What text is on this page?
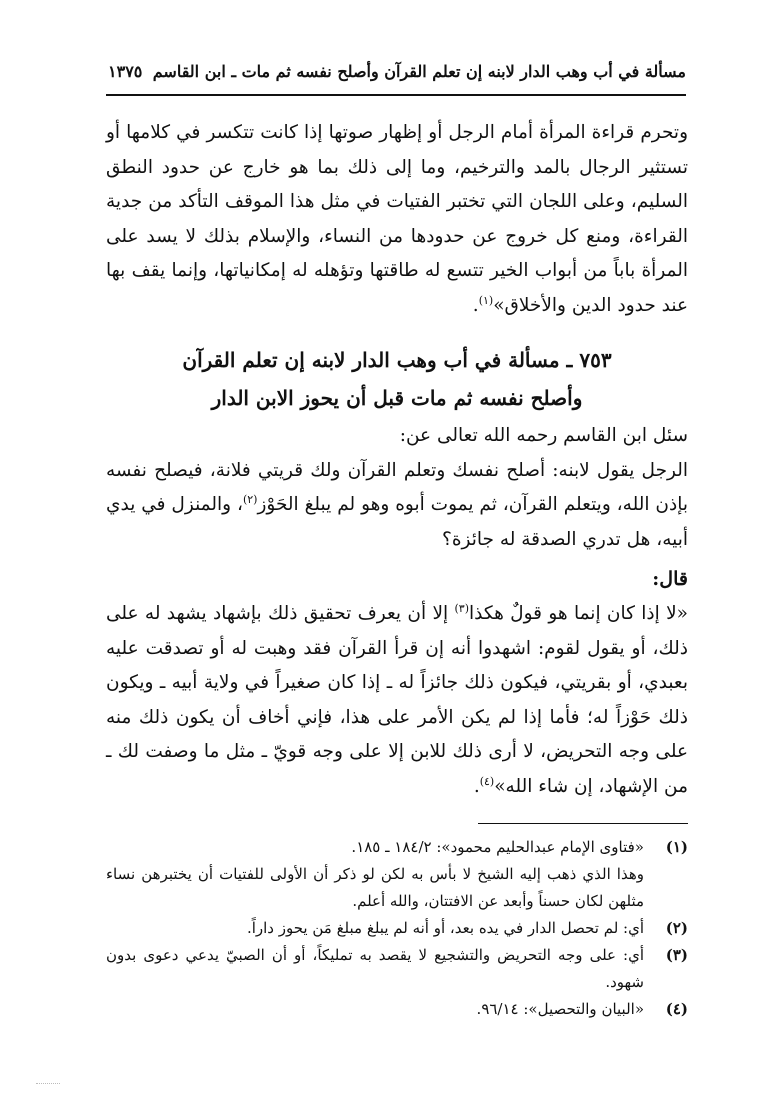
مسألة في أب وهب الدار لابنه إن تعلم القرآن وأصلح نفسه ثم مات ـ ابن القاسم
١٣٧٥

وتحرم قراءة المرأة أمام الرجل أو إظهار صوتها إذا كانت تتكسر في كلامها أو تستثير الرجال بالمد والترخيم، وما إلى ذلك بما هو خارج عن حدود النطق السليم، وعلى اللجان التي تختبر الفتيات في مثل هذا الموقف التأكد من جدية القراءة، ومنع كل خروج عن حدودها من النساء، والإسلام بذلك لا يسد على المرأة باباً من أبواب الخير تتسع له طاقتها وتؤهله له إمكانياتها، وإنما يقف بها عند حدود الدين والأخلاق»$^{(١)}$.

٧٥٣ ـ مسألة في أب وهب الدار لابنه إن تعلم القرآن
وأصلح نفسه ثم مات قبل أن يحوز الابن الدار

سئل ابن القاسم رحمه الله تعالى عن:

الرجل يقول لابنه: أصلح نفسك وتعلم القرآن ولك قريتي فلانة، فيصلح نفسه بإذن الله، ويتعلم القرآن، ثم يموت أبوه وهو لم يبلغ الحَوْز$^{(٢)}$، والمنزل في يدي أبيه، هل تدري الصدقة له جائزة؟

قال:

«لا إذا كان إنما هو قولٌ هكذا$^{(٣)}$ إلا أن يعرف تحقيق ذلك بإشهاد يشهد له على ذلك، أو يقول لقوم: اشهدوا أنه إن قرأ القرآن فقد وهبت له أو تصدقت عليه بعبدي، أو بقريتي، فيكون ذلك جائزاً له ـ إذا كان صغيراً في ولاية أبيه ـ ويكون ذلك حَوْزاً له؛ فأما إذا لم يكن الأمر على هذا، فإني أخاف أن يكون ذلك منه على وجه التحريض، لا أرى ذلك للابن إلا على وجه قويّ ـ مثل ما وصفت لك ـ من الإشهاد، إن شاء الله»$^{(٤)}$.

(١)
«فتاوى الإمام عبدالحليم محمود»: ١٨٤/٢ ـ ١٨٥.
وهذا الذي ذهب إليه الشيخ لا بأس به لكن لو ذكر أن الأولى للفتيات أن يختبرهن نساء مثلهن لكان حسناً وأبعد عن الافتتان، والله أعلم.
(٢)
أي: لم تحصل الدار في يده بعد، أو أنه لم يبلغ مبلغ مَن يحوز داراً.
(٣)
أي: على وجه التحريض والتشجيع لا يقصد به تمليكاً، أو أن الصبيّ يدعي دعوى بدون شهود.
(٤)
«البيان والتحصيل»: ٩٦/١٤.
